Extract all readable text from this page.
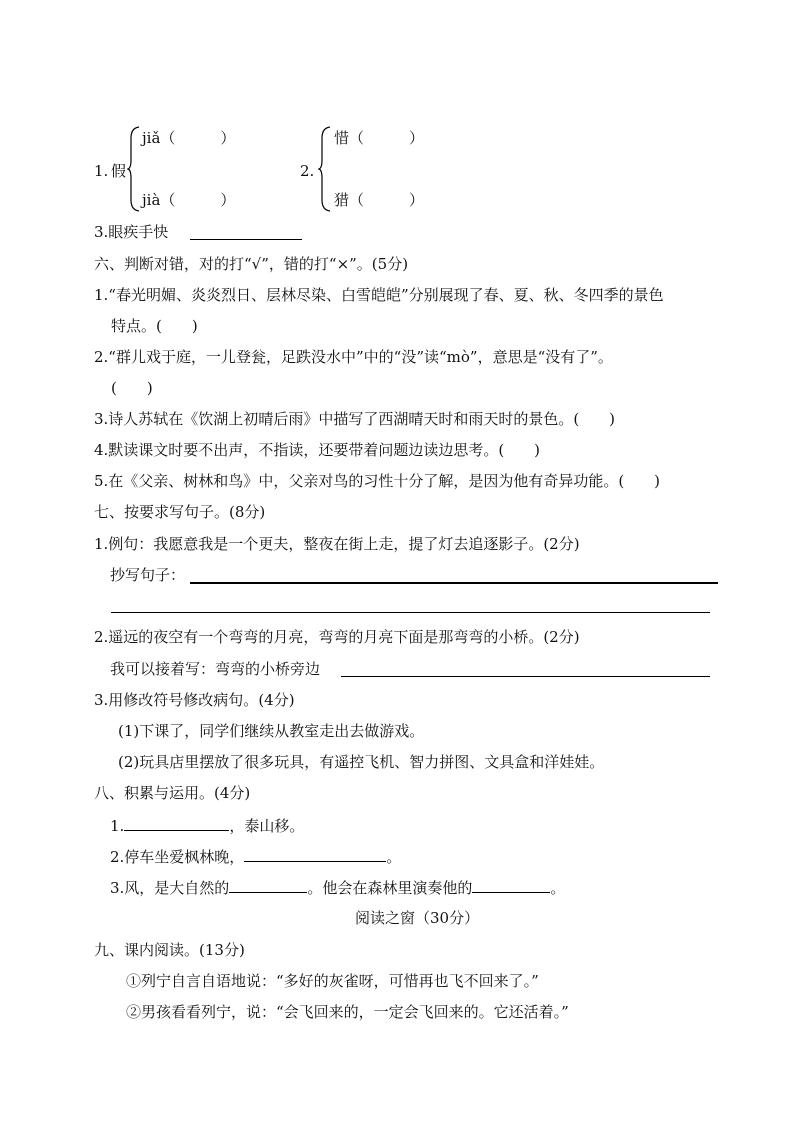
1. 假
jiǎ（　　　）
jià（　　　）
2.
惜（　　　）
猎（　　　）
3.眼疾手快
六、判断对错，对的打“√”，错的打“×”。(5分)
1.“春光明媚、炎炎烈日、层林尽染、白雪皑皑”分别展现了春、夏、秋、冬四季的景色
特点。(　　)
2.“群儿戏于庭，一儿登瓮，足跌没水中”中的“没”读“mò”，意思是“没有了”。
(　　)
3.诗人苏轼在《饮湖上初晴后雨》中描写了西湖晴天时和雨天时的景色。(　　)
4.默读课文时要不出声，不指读，还要带着问题边读边思考。(　　)
5.在《父亲、树林和鸟》中，父亲对鸟的习性十分了解，是因为他有奇异功能。(　　)
七、按要求写句子。(8分)
1.例句：我愿意我是一个更夫，整夜在街上走，提了灯去追逐影子。(2分)
抄写句子：
2.遥远的夜空有一个弯弯的月亮，弯弯的月亮下面是那弯弯的小桥。(2分)
我可以接着写：弯弯的小桥旁边
3.用修改符号修改病句。(4分)
(1)下课了，同学们继续从教室走出去做游戏。
(2)玩具店里摆放了很多玩具，有遥控飞机、智力拼图、文具盒和洋娃娃。
八、积累与运用。(4分)
1.	，泰山移。
2.停车坐爱枫林晚，	。
3.风，是大自然的	。他会在森林里演奏他的	。
阅读之窗（30分）
九、课内阅读。(13分)
①列宁自言自语地说：“多好的灰雀呀，可惜再也飞不回来了。”
②男孩看看列宁，说：“会飞回来的，一定会飞回来的。它还活着。”
